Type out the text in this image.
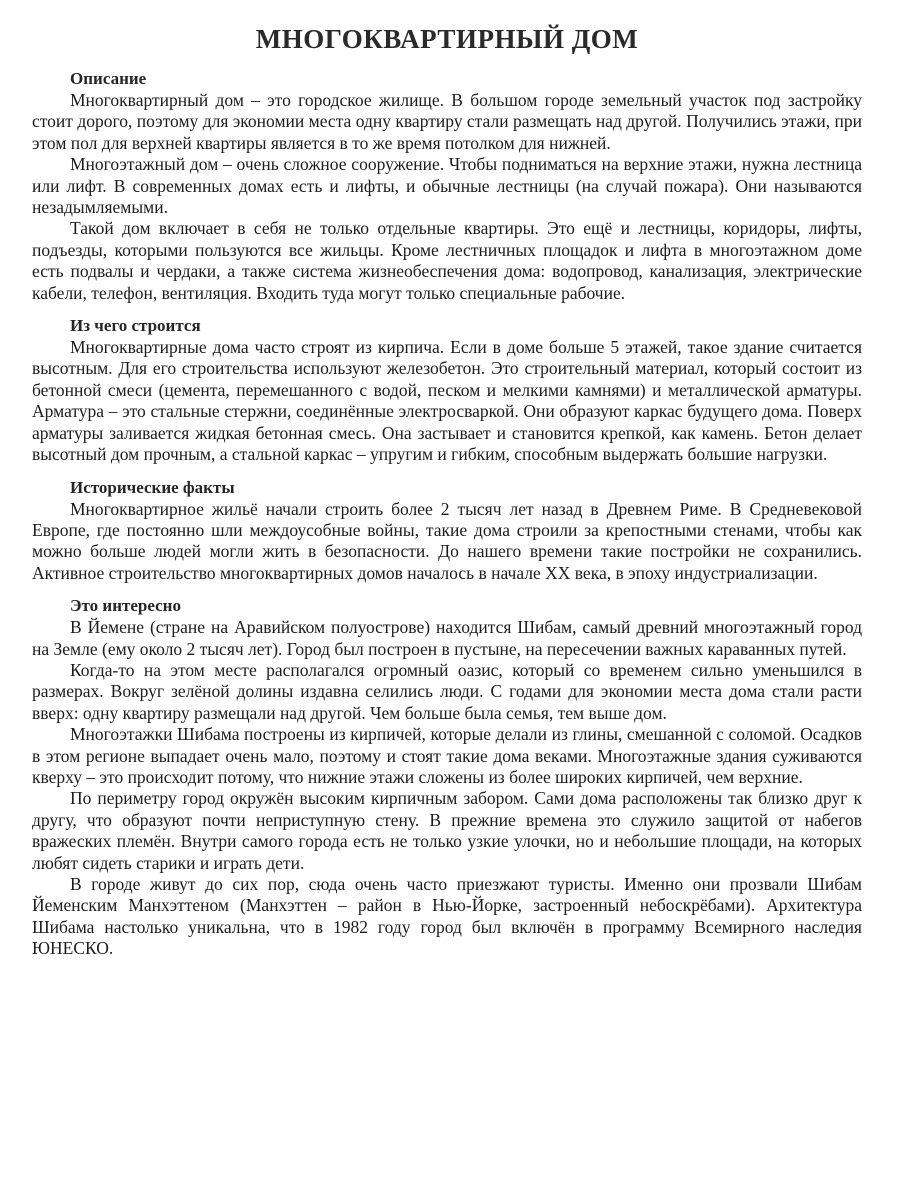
МНОГОКВАРТИРНЫЙ ДОМ
Описание

Многоквартирный дом – это городское жилище. В большом городе земельный участок под застройку стоит дорого, поэтому для экономии места одну квартиру стали размещать над другой. Получились этажи, при этом пол для верхней квартиры является в то же время потолком для нижней.

Многоэтажный дом – очень сложное сооружение. Чтобы подниматься на верхние этажи, нужна лестница или лифт. В современных домах есть и лифты, и обычные лестницы (на случай пожара). Они называются незадымляемыми.

Такой дом включает в себя не только отдельные квартиры. Это ещё и лестницы, коридоры, лифты, подъезды, которыми пользуются все жильцы. Кроме лестничных площадок и лифта в многоэтажном доме есть подвалы и чердаки, а также система жизнеобеспечения дома: водопровод, канализация, электрические кабели, телефон, вентиляция. Входить туда могут только специальные рабочие.

Из чего строится

Многоквартирные дома часто строят из кирпича. Если в доме больше 5 этажей, такое здание считается высотным. Для его строительства используют железобетон. Это строительный материал, который состоит из бетонной смеси (цемента, перемешанного с водой, песком и мелкими камнями) и металлической арматуры. Арматура – это стальные стержни, соединённые электросваркой. Они образуют каркас будущего дома. Поверх арматуры заливается жидкая бетонная смесь. Она застывает и становится крепкой, как камень. Бетон делает высотный дом прочным, а стальной каркас – упругим и гибким, способным выдержать большие нагрузки.

Исторические факты

Многоквартирное жильё начали строить более 2 тысяч лет назад в Древнем Риме. В Средневековой Европе, где постоянно шли междоусобные войны, такие дома строили за крепостными стенами, чтобы как можно больше людей могли жить в безопасности. До нашего времени такие постройки не сохранились. Активное строительство многоквартирных домов началось в начале XX века, в эпоху индустриализации.

Это интересно

В Йемене (стране на Аравийском полуострове) находится Шибам, самый древний многоэтажный город на Земле (ему около 2 тысяч лет). Город был построен в пустыне, на пересечении важных караванных путей.

Когда-то на этом месте располагался огромный оазис, который со временем сильно уменьшился в размерах. Вокруг зелёной долины издавна селились люди. С годами для экономии места дома стали расти вверх: одну квартиру размещали над другой. Чем больше была семья, тем выше дом.

Многоэтажки Шибама построены из кирпичей, которые делали из глины, смешанной с соломой. Осадков в этом регионе выпадает очень мало, поэтому и стоят такие дома веками. Многоэтажные здания суживаются кверху – это происходит потому, что нижние этажи сложены из более широких кирпичей, чем верхние.

По периметру город окружён высоким кирпичным забором. Сами дома расположены так близко друг к другу, что образуют почти неприступную стену. В прежние времена это служило защитой от набегов вражеских племён. Внутри самого города есть не только узкие улочки, но и небольшие площади, на которых любят сидеть старики и играть дети.

В городе живут до сих пор, сюда очень часто приезжают туристы. Именно они прозвали Шибам Йеменским Манхэттеном (Манхэттен – район в Нью-Йорке, застроенный небоскрёбами). Архитектура Шибама настолько уникальна, что в 1982 году город был включён в программу Всемирного наследия ЮНЕСКО.
